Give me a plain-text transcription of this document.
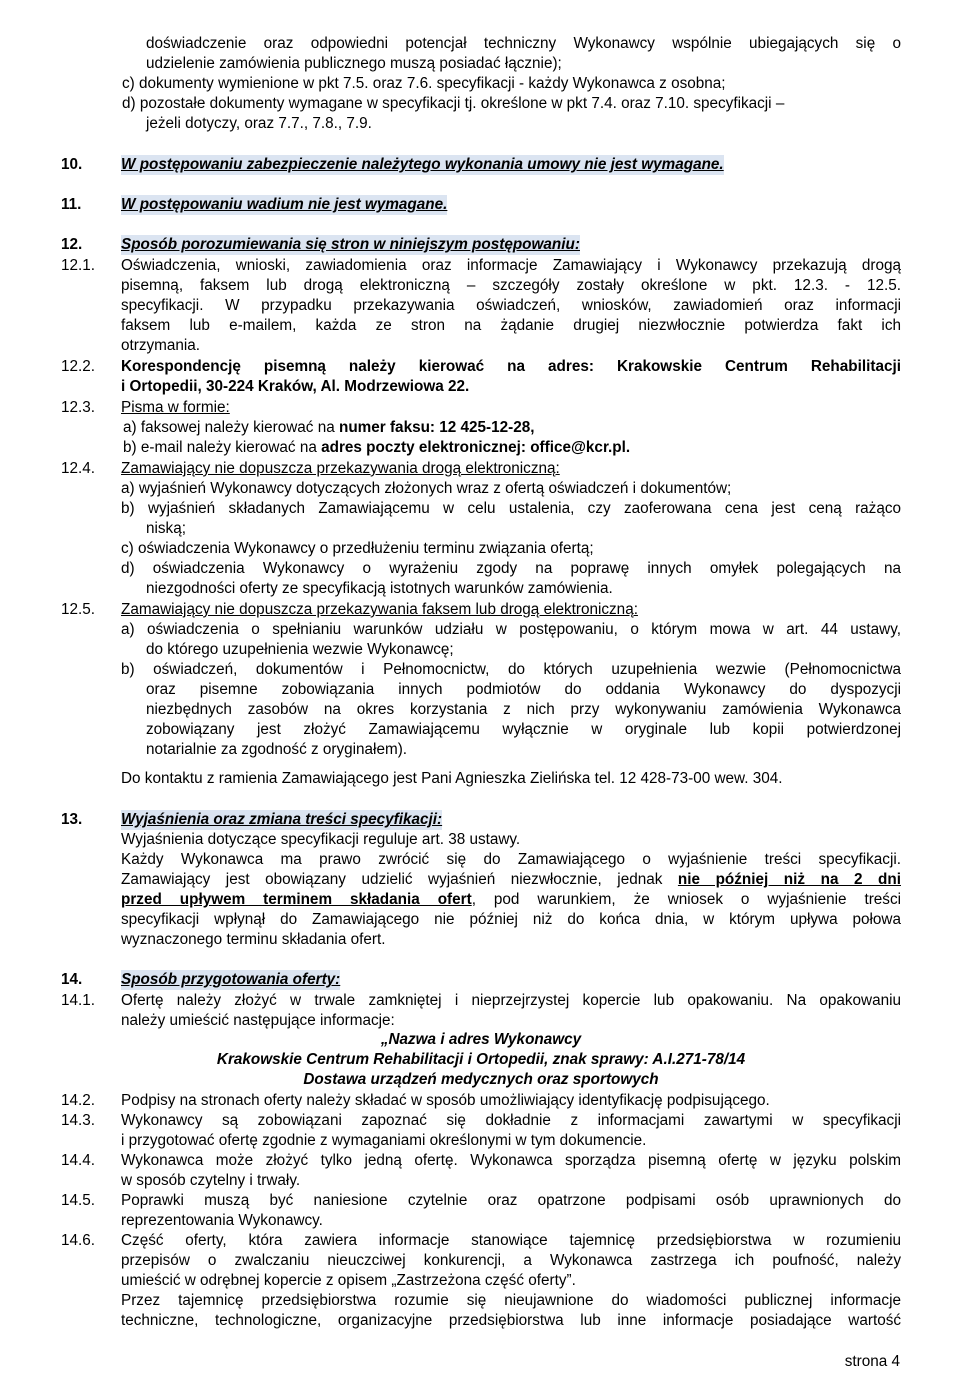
doświadczenie oraz odpowiedni potencjał techniczny Wykonawcy wspólnie ubiegających się o
udzielenie zamówienia publicznego muszą posiadać łącznie);
c) dokumenty wymienione w pkt 7.5. oraz 7.6. specyfikacji - każdy Wykonawca z osobna;
d) pozostałe dokumenty wymagane w specyfikacji tj. określone w pkt 7.4. oraz 7.10. specyfikacji –
jeżeli dotyczy, oraz 7.7., 7.8., 7.9.
10.	W postępowaniu zabezpieczenie należytego wykonania umowy nie jest wymagane.
11.	W postępowaniu wadium nie jest wymagane.
12.	Sposób porozumiewania się stron w niniejszym postępowaniu:
12.1. Oświadczenia, wnioski, zawiadomienia oraz informacje Zamawiający i Wykonawcy przekazują drogą
pisemną, faksem lub drogą elektroniczną – szczegóły zostały określone w pkt. 12.3. - 12.5.
specyfikacji. W przypadku przekazywania oświadczeń, wniosków, zawiadomień oraz informacji
faksem lub e-mailem, każda ze stron na żądanie drugiej niezwłocznie potwierdza fakt ich
otrzymania.
12.2. Korespondencję pisemną należy kierować na adres: Krakowskie Centrum Rehabilitacji
i Ortopedii, 30-224 Kraków, Al. Modrzewiowa 22.
12.3. Pisma w formie:
a) faksowej należy kierować na numer faksu: 12 425-12-28,
b) e-mail należy kierować na adres poczty elektronicznej: office@kcr.pl.
12.4. Zamawiający nie dopuszcza przekazywania drogą elektroniczną:
a) wyjaśnień Wykonawcy dotyczących złożonych wraz z ofertą oświadczeń i dokumentów;
b) wyjaśnień składanych Zamawiającemu w celu ustalenia, czy zaoferowana cena jest ceną rażąco
niską;
c) oświadczenia Wykonawcy o przedłużeniu terminu związania ofertą;
d) oświadczenia Wykonawcy o wyrażeniu zgody na poprawę innych omyłek polegających na
niezgodności oferty ze specyfikacją istotnych warunków zamówienia.
12.5. Zamawiający nie dopuszcza przekazywania faksem lub drogą elektroniczną:
a) oświadczenia o spełnianiu warunków udziału w postępowaniu, o którym mowa w art. 44 ustawy,
do którego uzupełnienia wezwie Wykonawcę;
b) oświadczeń, dokumentów i Pełnomocnictw, do których uzupełnienia wezwie (Pełnomocnictwa
oraz pisemne zobowiązania innych podmiotów do oddania Wykonawcy do dyspozycji
niezbędnych zasobów na okres korzystania z nich przy wykonywaniu zamówienia Wykonawca
zobowiązany jest złożyć Zamawiającemu wyłącznie w oryginale lub kopii potwierdzonej
notarialnie za zgodność z oryginałem).
Do kontaktu z ramienia Zamawiającego jest Pani Agnieszka Zielińska tel. 12 428-73-00 wew. 304.
13.	Wyjaśnienia oraz zmiana treści specyfikacji:
Wyjaśnienia dotyczące specyfikacji reguluje art. 38 ustawy.
Każdy Wykonawca ma prawo zwrócić się do Zamawiającego o wyjaśnienie treści specyfikacji.
Zamawiający jest obowiązany udzielić wyjaśnień niezwłocznie, jednak nie później niż na 2 dni
przed upływem terminem składania ofert, pod warunkiem, że wniosek o wyjaśnienie treści
specyfikacji wpłynął do Zamawiającego nie później niż do końca dnia, w którym upływa połowa
wyznaczonego terminu składania ofert.
14.	Sposób przygotowania oferty:
14.1. Ofertę należy złożyć w trwale zamkniętej i nieprzejrzystej kopercie lub opakowaniu. Na opakowaniu
należy umieścić następujące informacje:
„Nazwa i adres Wykonawcy
Krakowskie Centrum Rehabilitacji i Ortopedii, znak sprawy: A.I.271-78/14
Dostawa urządzeń medycznych oraz sportowych
14.2. Podpisy na stronach oferty należy składać w sposób umożliwiający identyfikację podpisującego.
14.3. Wykonawcy są zobowiązani zapoznać się dokładnie z informacjami zawartymi w specyfikacji
i przygotować ofertę zgodnie z wymaganiami określonymi w tym dokumencie.
14.4. Wykonawca może złożyć tylko jedną ofertę. Wykonawca sporządza pisemną ofertę w języku polskim
w sposób czytelny i trwały.
14.5. Poprawki muszą być naniesione czytelnie oraz opatrzone podpisami osób uprawnionych do
reprezentowania Wykonawcy.
14.6. Część oferty, która zawiera informacje stanowiące tajemnicę przedsiębiorstwa w rozumieniu
przepisów o zwalczaniu nieuczciwej konkurencji, a Wykonawca zastrzega ich poufność, należy
umieścić w odrębnej kopercie z opisem „Zastrzeżona część oferty”.
Przez tajemnicę przedsiębiorstwa rozumie się nieujawnione do wiadomości publicznej informacje
techniczne, technologiczne, organizacyjne przedsiębiorstwa lub inne informacje posiadające wartość
strona 4
